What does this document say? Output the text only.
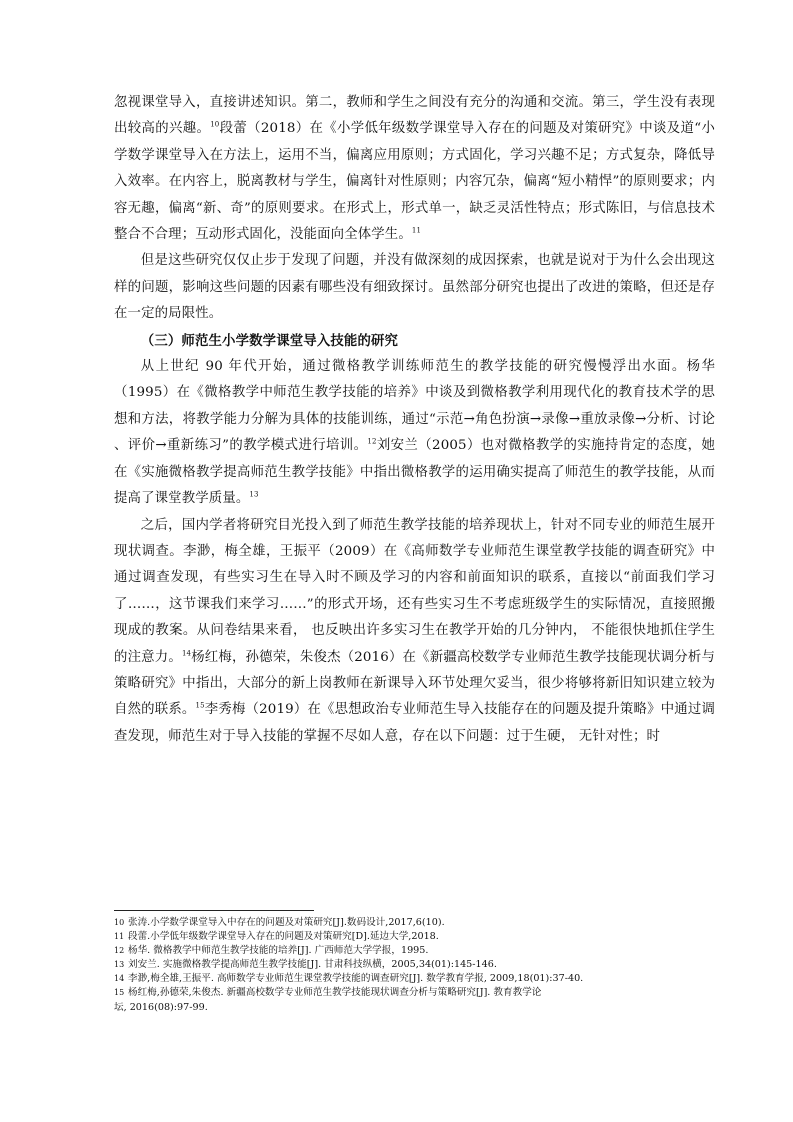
忽视课堂导入，直接讲述知识。第二，教师和学生之间没有充分的沟通和交流。第三，学生没有表现出较高的兴趣。$^{10}$段蕾（2018）在《小学低年级数学课堂导入存在的问题及对策研究》中谈及道“小学数学课堂导入在方法上，运用不当，偏离应用原则；方式固化，学习兴趣不足；方式复杂，降低导入效率。在内容上，脱离教材与学生，偏离针对性原则；内容冗杂，偏离“短小精悍”的原则要求；内容无趣，偏离“新、奇”的原则要求。在形式上，形式单一，缺乏灵活性特点；形式陈旧，与信息技术整合不合理；互动形式固化，没能面向全体学生。$^{11}$

但是这些研究仅仅止步于发现了问题，并没有做深刻的成因探索，也就是说对于为什么会出现这样的问题，影响这些问题的因素有哪些没有细致探讨。虽然部分研究也提出了改进的策略，但还是存在一定的局限性。

（三）师范生小学数学课堂导入技能的研究

从上世纪 90 年代开始，通过微格教学训练师范生的教学技能的研究慢慢浮出水面。杨华（1995）在《微格教学中师范生教学技能的培养》中谈及到微格教学利用现代化的教育技术学的思想和方法，将教学能力分解为具体的技能训练，通过“示范→角色扮演→录像→重放录像→分析、讨论 、评价→重新练习”的教学模式进行培训。$^{12}$刘安兰（2005）也对微格教学的实施持肯定的态度，她在《实施微格教学提高师范生教学技能》中指出微格教学的运用确实提高了师范生的教学技能，从而提高了课堂教学质量。$^{13}$

之后，国内学者将研究目光投入到了师范生教学技能的培养现状上，针对不同专业的师范生展开现状调查。李渺，梅全雄，王振平（2009）在《高师数学专业师范生课堂教学技能的调查研究》中通过调查发现，有些实习生在导入时不顾及学习的内容和前面知识的联系，直接以“前面我们学习了……，这节课我们来学习……”的形式开场，还有些实习生不考虑班级学生的实际情况，直接照搬现成的教案。从问卷结果来看， 也反映出许多实习生在教学开始的几分钟内， 不能很快地抓住学生的注意力。$^{14}$杨红梅，孙德荣，朱俊杰（2016）在《新疆高校数学专业师范生教学技能现状调分析与策略研究》中指出，大部分的新上岗教师在新课导入环节处理欠妥当，很少将够将新旧知识建立较为自然的联系。$^{15}$李秀梅（2019）在《思想政治专业师范生导入技能存在的问题及提升策略》中通过调查发现，师范生对于导入技能的掌握不尽如人意，存在以下问题：过于生硬， 无针对性；时

10 张涛.小学数学课堂导入中存在的问题及对策研究[J].数码设计,2017,6(10).

11 段蕾.小学低年级数学课堂导入存在的问题及对策研究[D].延边大学,2018.

12 杨华. 微格教学中师范生教学技能的培养[J]. 广西师范大学学报，1995.

13 刘安兰. 实施微格教学提高师范生教学技能[J]. 甘肃科技纵横，2005,34(01):145-146.

14 李渺,梅全雄,王振平. 高师数学专业师范生课堂教学技能的调查研究[J]. 数学教育学报, 2009,18(01):37-40.

15 杨红梅,孙德荣,朱俊杰. 新疆高校数学专业师范生教学技能现状调查分析与策略研究[J]. 教育教学论

坛, 2016(08):97-99.
